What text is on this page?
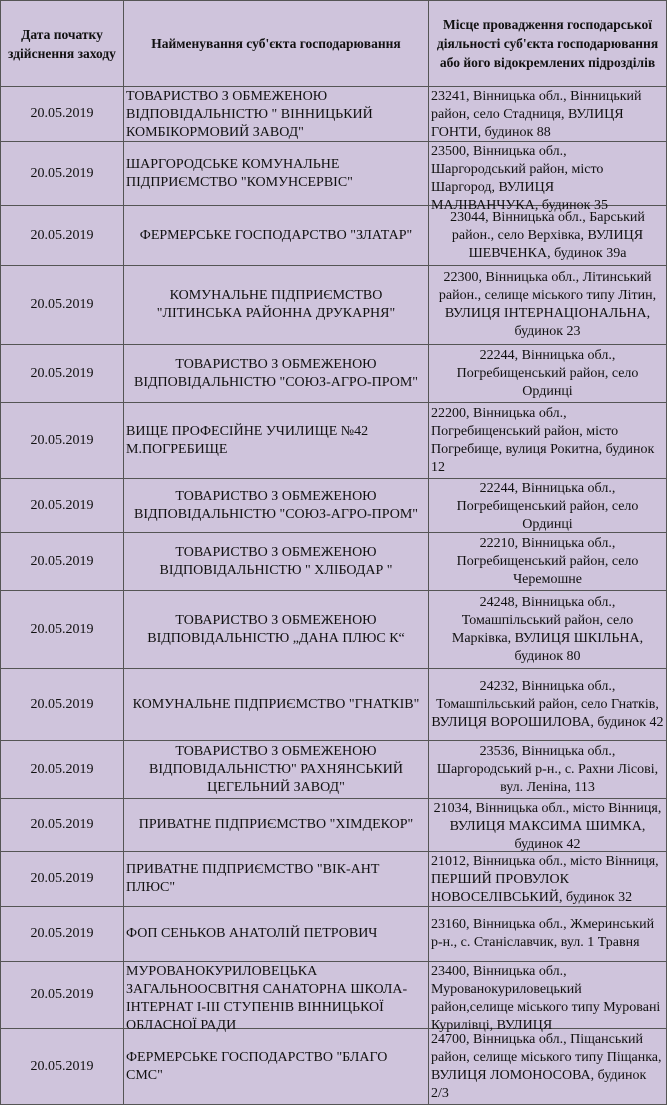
Дата початку здійснення заходу	Найменування суб'єкта господарювання	Місце провадження господарської діяльності суб'єкта господарювання або його відокремлених підрозділів

20.05.2019	ТОВАРИСТВО З ОБМЕЖЕНОЮ ВІДПОВІДАЛЬНІСТЮ " ВІННИЦЬКИЙ КОМБІКОРМОВИЙ ЗАВОД"	23241, Вінницька обл., Вінницький район, село Стадниця, ВУЛИЦЯ ГОНТИ, будинок 88

20.05.2019	ШАРГОРОДСЬКЕ КОМУНАЛЬНЕ ПІДПРИЄМСТВО "КОМУНСЕРВІС"	23500, Вінницька обл., Шаргородський район, місто Шаргород, ВУЛИЦЯ МАЛІВАНЧУКА, будинок 35

20.05.2019	ФЕРМЕРСЬКЕ ГОСПОДАРСТВО "ЗЛАТАР"	23044, Вінницька обл., Барський район., село Верхівка, ВУЛИЦЯ ШЕВЧЕНКА, будинок 39а

20.05.2019	КОМУНАЛЬНЕ ПІДПРИЄМСТВО "ЛІТИНСЬКА РАЙОННА ДРУКАРНЯ"	22300, Вінницька обл., Літинський район., селище міського типу Літин, ВУЛИЦЯ ІНТЕРНАЦІОНАЛЬНА, будинок 23

20.05.2019	ТОВАРИСТВО З ОБМЕЖЕНОЮ ВІДПОВІДАЛЬНІСТЮ "СОЮЗ-АГРО-ПРОМ"	22244, Вінницька обл., Погребищенський район, село Ординці

20.05.2019	ВИЩЕ ПРОФЕСІЙНЕ УЧИЛИЩЕ №42 М.ПОГРЕБИЩЕ	22200, Вінницька обл., Погребищенський район, місто Погребище, вулиця Рокитна, будинок 12

20.05.2019	ТОВАРИСТВО З ОБМЕЖЕНОЮ ВІДПОВІДАЛЬНІСТЮ "СОЮЗ-АГРО-ПРОМ"	22244, Вінницька обл., Погребищенський район, село Ординці

20.05.2019	ТОВАРИСТВО З ОБМЕЖЕНОЮ ВІДПОВІДАЛЬНІСТЮ " ХЛІБОДАР "	22210, Вінницька обл., Погребищенський район, село Черемошне

20.05.2019	ТОВАРИСТВО З ОБМЕЖЕНОЮ ВІДПОВІДАЛЬНІСТЮ „ДАНА ПЛЮС К“	24248, Вінницька обл., Томашпільський район, село Марківка, ВУЛИЦЯ ШКІЛЬНА, будинок 80

20.05.2019	КОМУНАЛЬНЕ ПІДПРИЄМСТВО "ГНАТКІВ"	24232, Вінницька обл., Томашпільський район, село Гнатків, ВУЛИЦЯ ВОРОШИЛОВА, будинок 42

20.05.2019	ТОВАРИСТВО З ОБМЕЖЕНОЮ ВІДПОВІДАЛЬНІСТЮ" РАХНЯНСЬКИЙ ЦЕГЕЛЬНИЙ ЗАВОД"	23536, Вінницька обл., Шаргородський р-н., с. Рахни Лісові, вул. Леніна, 113

20.05.2019	ПРИВАТНЕ ПІДПРИЄМСТВО "ХІМДЕКОР"	21034, Вінницька обл., місто Вінниця, ВУЛИЦЯ МАКСИМА ШИМКА, будинок 42

20.05.2019	ПРИВАТНЕ ПІДПРИЄМСТВО "ВІК-АНТ ПЛЮС"	21012, Вінницька обл., місто Вінниця, ПЕРШИЙ ПРОВУЛОК НОВОСЕЛІВСЬКИЙ, будинок 32

20.05.2019	ФОП СЕНЬКОВ АНАТОЛІЙ ПЕТРОВИЧ	23160, Вінницька обл., Жмеринський р-н., с. Станіславчик, вул. 1 Травня

20.05.2019	МУРОВАНОКУРИЛОВЕЦЬКА ЗАГАЛЬНООСВІТНЯ САНАТОРНА ШКОЛА-ІНТЕРНАТ І-ІІІ СТУПЕНІВ ВІННИЦЬКОЇ ОБЛАСНОЇ РАДИ	23400, Вінницька обл., Мурованокуриловецький район,селище міського типу Муровані Курилівці, ВУЛИЦЯ

20.05.2019	ФЕРМЕРСЬКЕ ГОСПОДАРСТВО "БЛАГО СМС"	24700, Вінницька обл., Піщанський район, селище міського типу Піщанка, ВУЛИЦЯ ЛОМОНОСОВА, будинок 2/3
